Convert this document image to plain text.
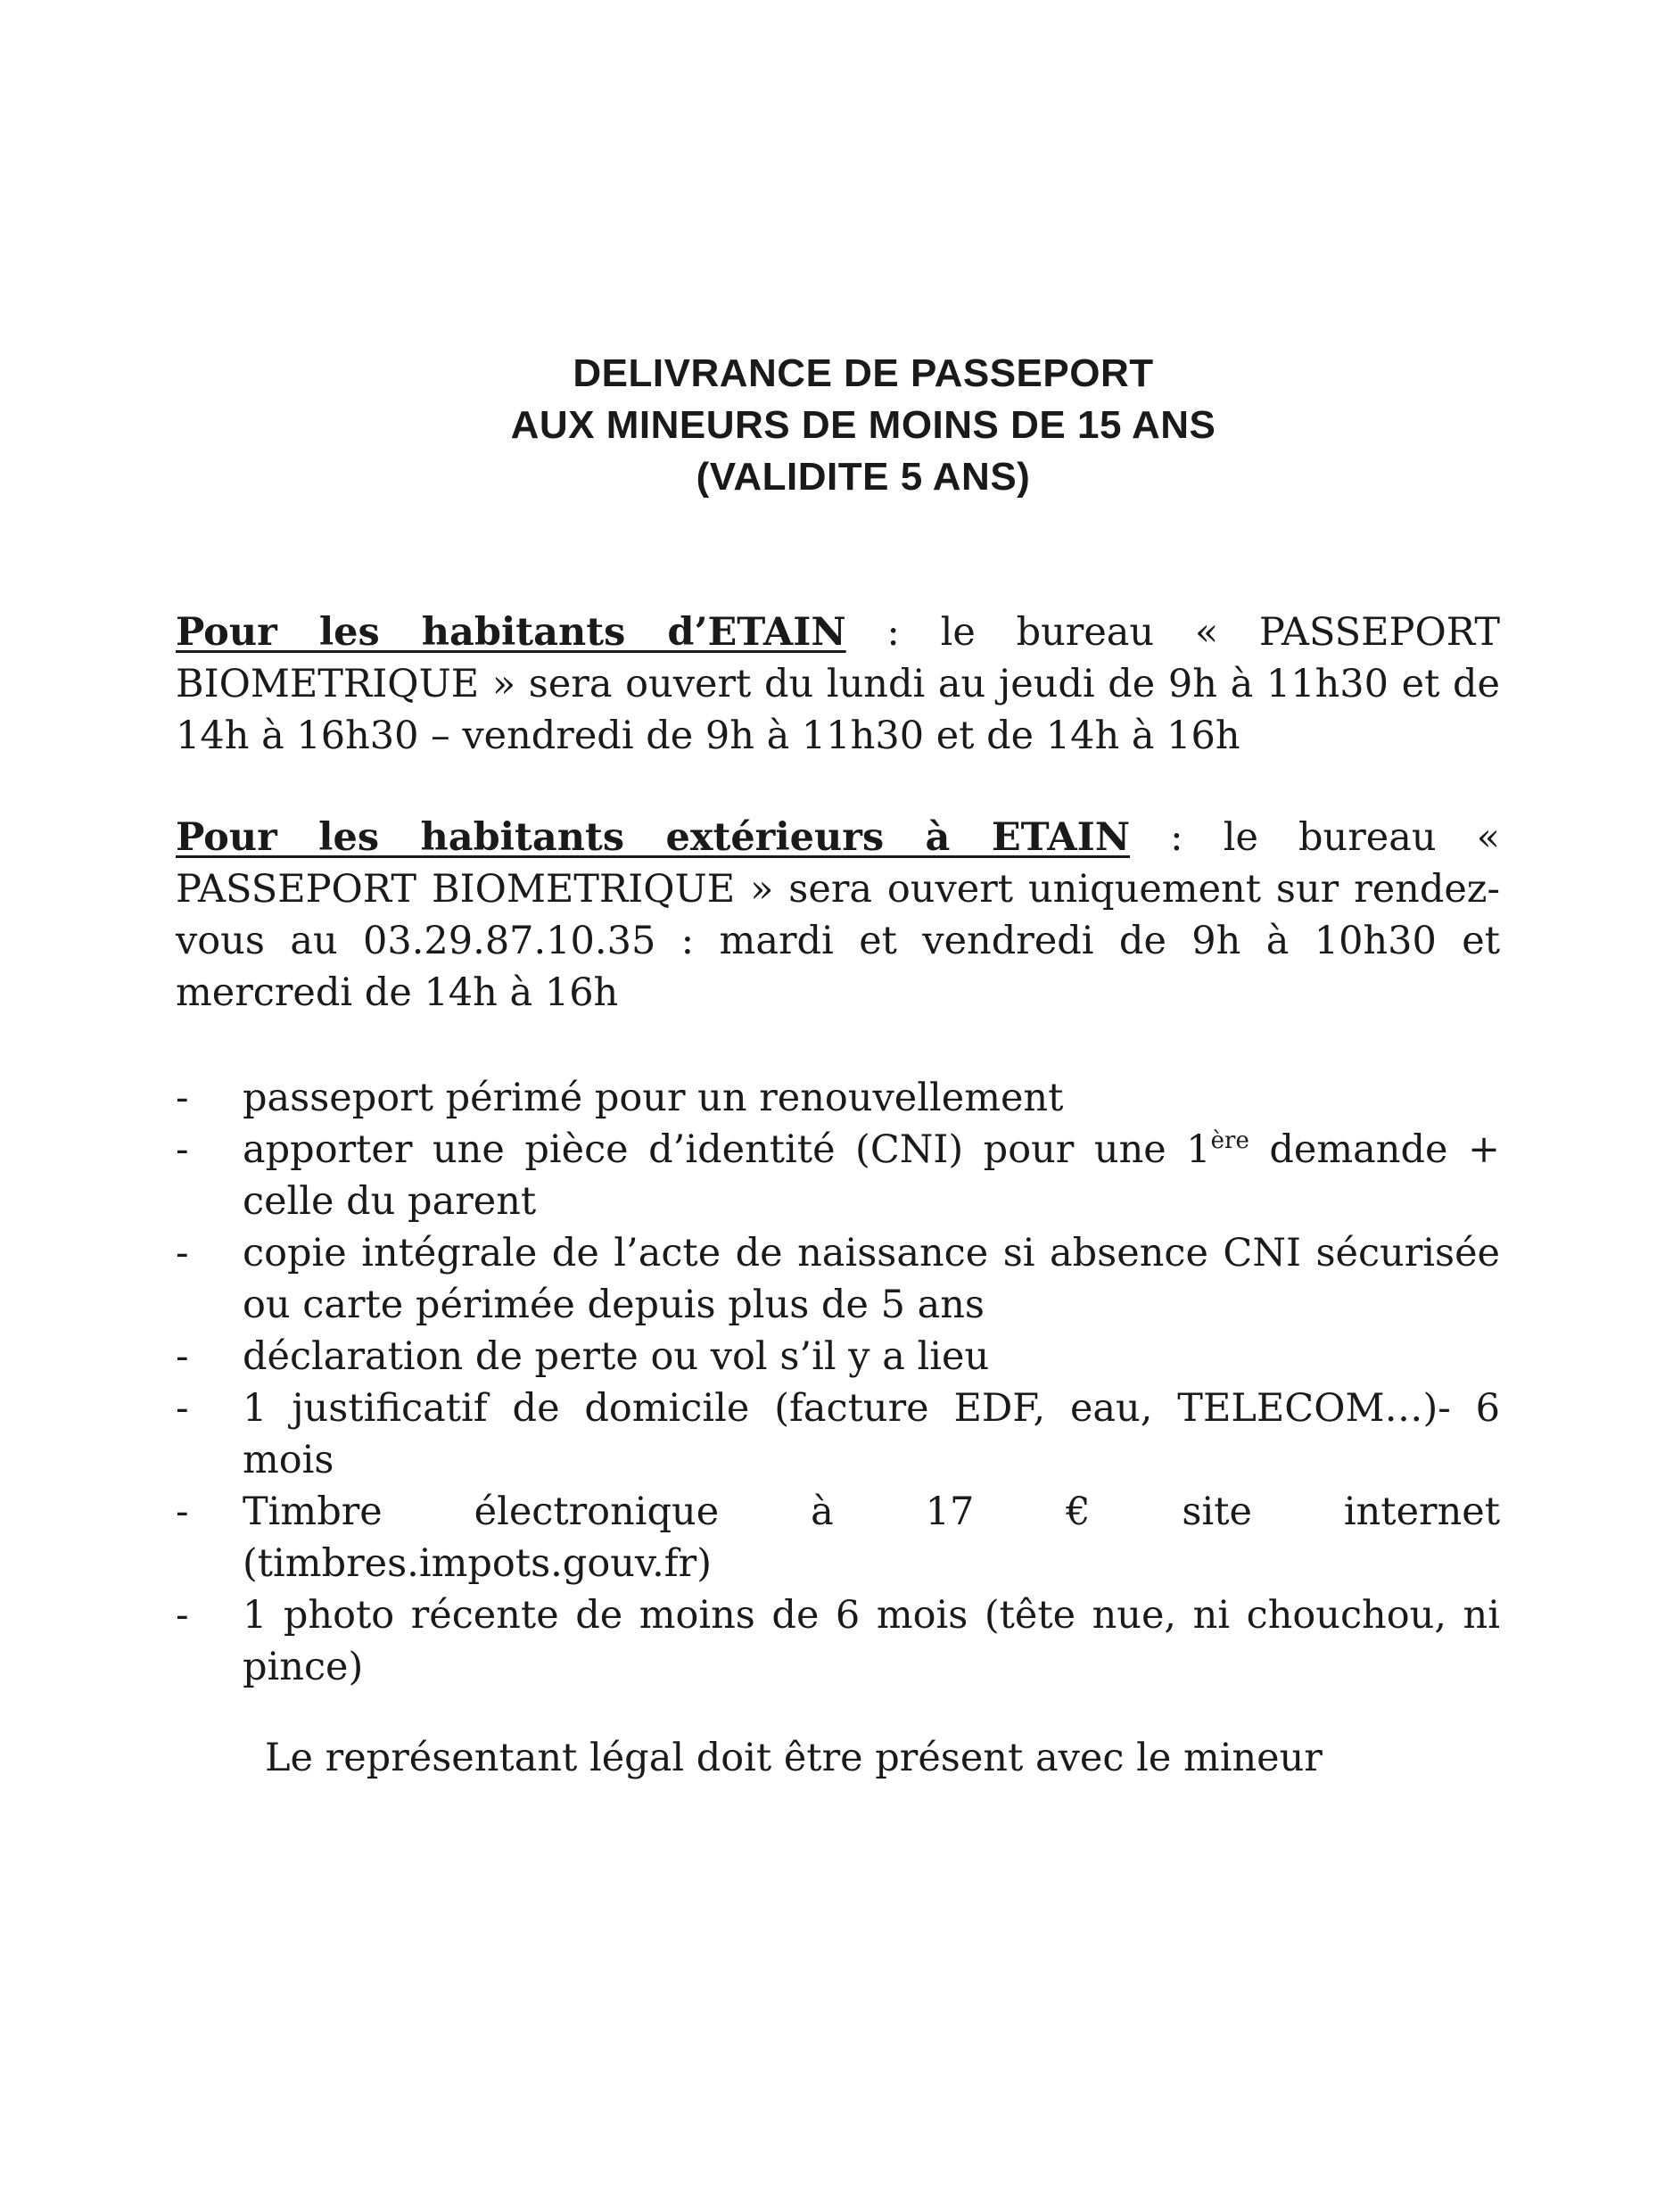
DELIVRANCE DE PASSEPORT
AUX MINEURS DE MOINS DE 15 ANS
(VALIDITE 5 ANS)

Pour les habitants d’ETAIN : le bureau « PASSEPORT BIOMETRIQUE » sera ouvert du lundi au jeudi de 9h à 11h30 et de 14h à 16h30 – vendredi de 9h à 11h30 et de 14h à 16h

Pour les habitants extérieurs à ETAIN : le bureau « PASSEPORT BIOMETRIQUE » sera ouvert uniquement sur rendez-vous au 03.29.87.10.35 : mardi et vendredi de 9h à 10h30 et mercredi de 14h à 16h

- passeport périmé pour un renouvellement
- apporter une pièce d’identité (CNI) pour une 1ère demande + celle du parent
- copie intégrale de l’acte de naissance si absence CNI sécurisée ou carte périmée depuis plus de 5 ans
- déclaration de perte ou vol s’il y a lieu
- 1 justificatif de domicile (facture EDF, eau, TELECOM…)- 6 mois
- Timbre électronique à 17 € site internet
(timbres.impots.gouv.fr)
- 1 photo récente de moins de 6 mois (tête nue, ni chouchou, ni pince)

Le représentant légal doit être présent avec le mineur
